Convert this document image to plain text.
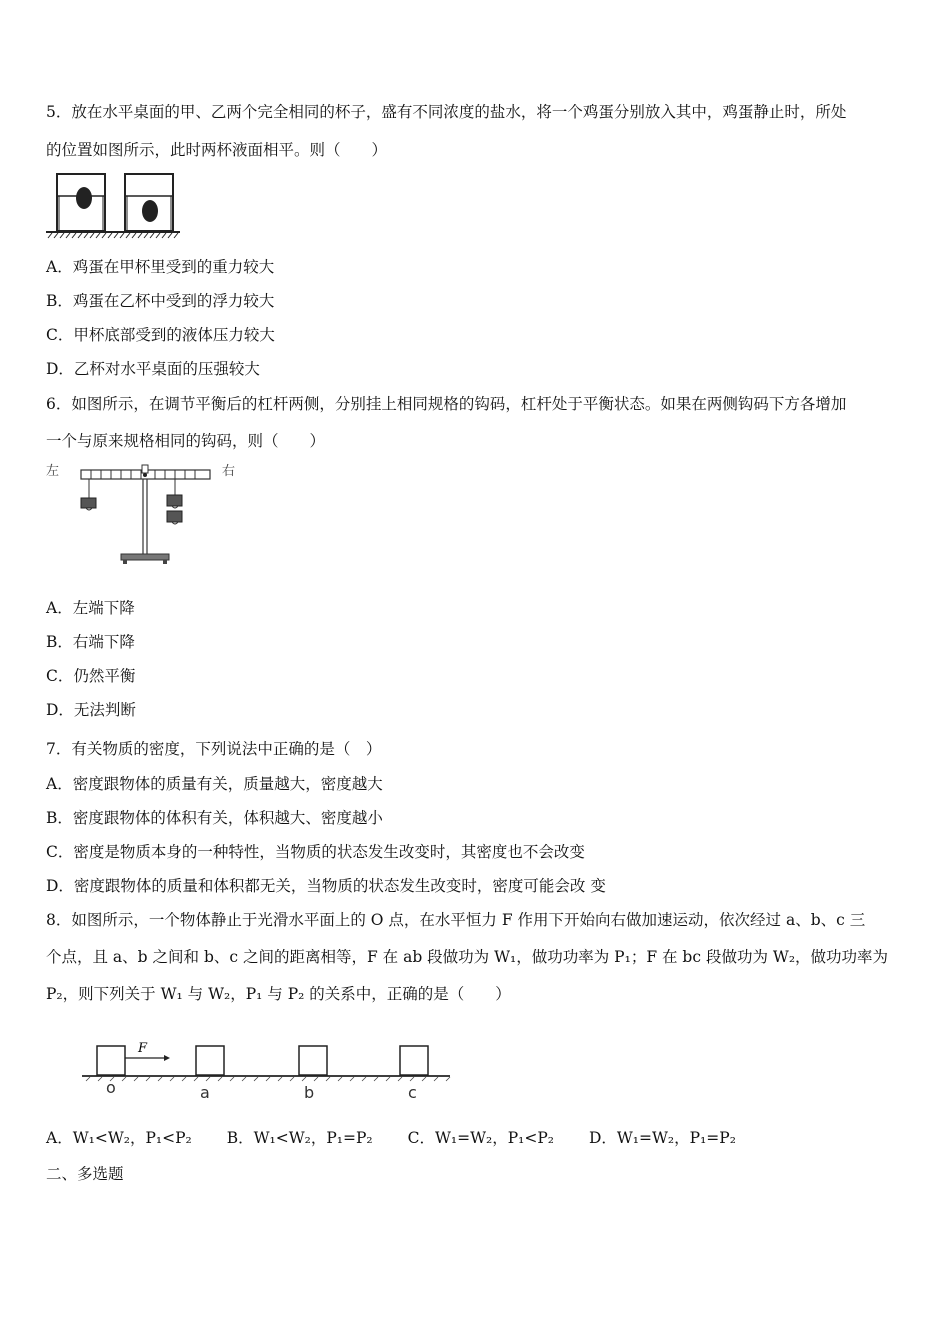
5．放在水平桌面的甲、乙两个完全相同的杯子，盛有不同浓度的盐水，将一个鸡蛋分别放入其中，鸡蛋静止时，所处
的位置如图所示，此时两杯液面相平。则（　　）
A．鸡蛋在甲杯里受到的重力较大
B．鸡蛋在乙杯中受到的浮力较大
C．甲杯底部受到的液体压力较大
D．乙杯对水平桌面的压强较大
6．如图所示，在调节平衡后的杠杆两侧，分别挂上相同规格的钩码，杠杆处于平衡状态。如果在两侧钩码下方各增加
一个与原来规格相同的钩码，则（　　）
左	右
A．左端下降
B．右端下降
C．仍然平衡
D．无法判断
7．有关物质的密度，下列说法中正确的是（　）
A．密度跟物体的质量有关，质量越大，密度越大
B．密度跟物体的体积有关，体积越大、密度越小
C．密度是物质本身的一种特性，当物质的状态发生改变时，其密度也不会改变
D．密度跟物体的质量和体积都无关，当物质的状态发生改变时，密度可能会改 变
8．如图所示，一个物体静止于光滑水平面上的 O 点，在水平恒力 F 作用下开始向右做加速运动，依次经过 a、b、c 三
个点，且 a、b 之间和 b、c 之间的距离相等，F 在 ab 段做功为 W₁，做功功率为 P₁；F 在 bc 段做功为 W₂，做功功率为
P₂，则下列关于 W₁ 与 W₂，P₁ 与 P₂ 的关系中，正确的是（　　）
F
o	a	b	c
A．W₁<W₂，P₁<P₂ B．W₁<W₂，P₁=P₂ C．W₁=W₂，P₁<P₂ D．W₁=W₂，P₁=P₂
二、多选题
